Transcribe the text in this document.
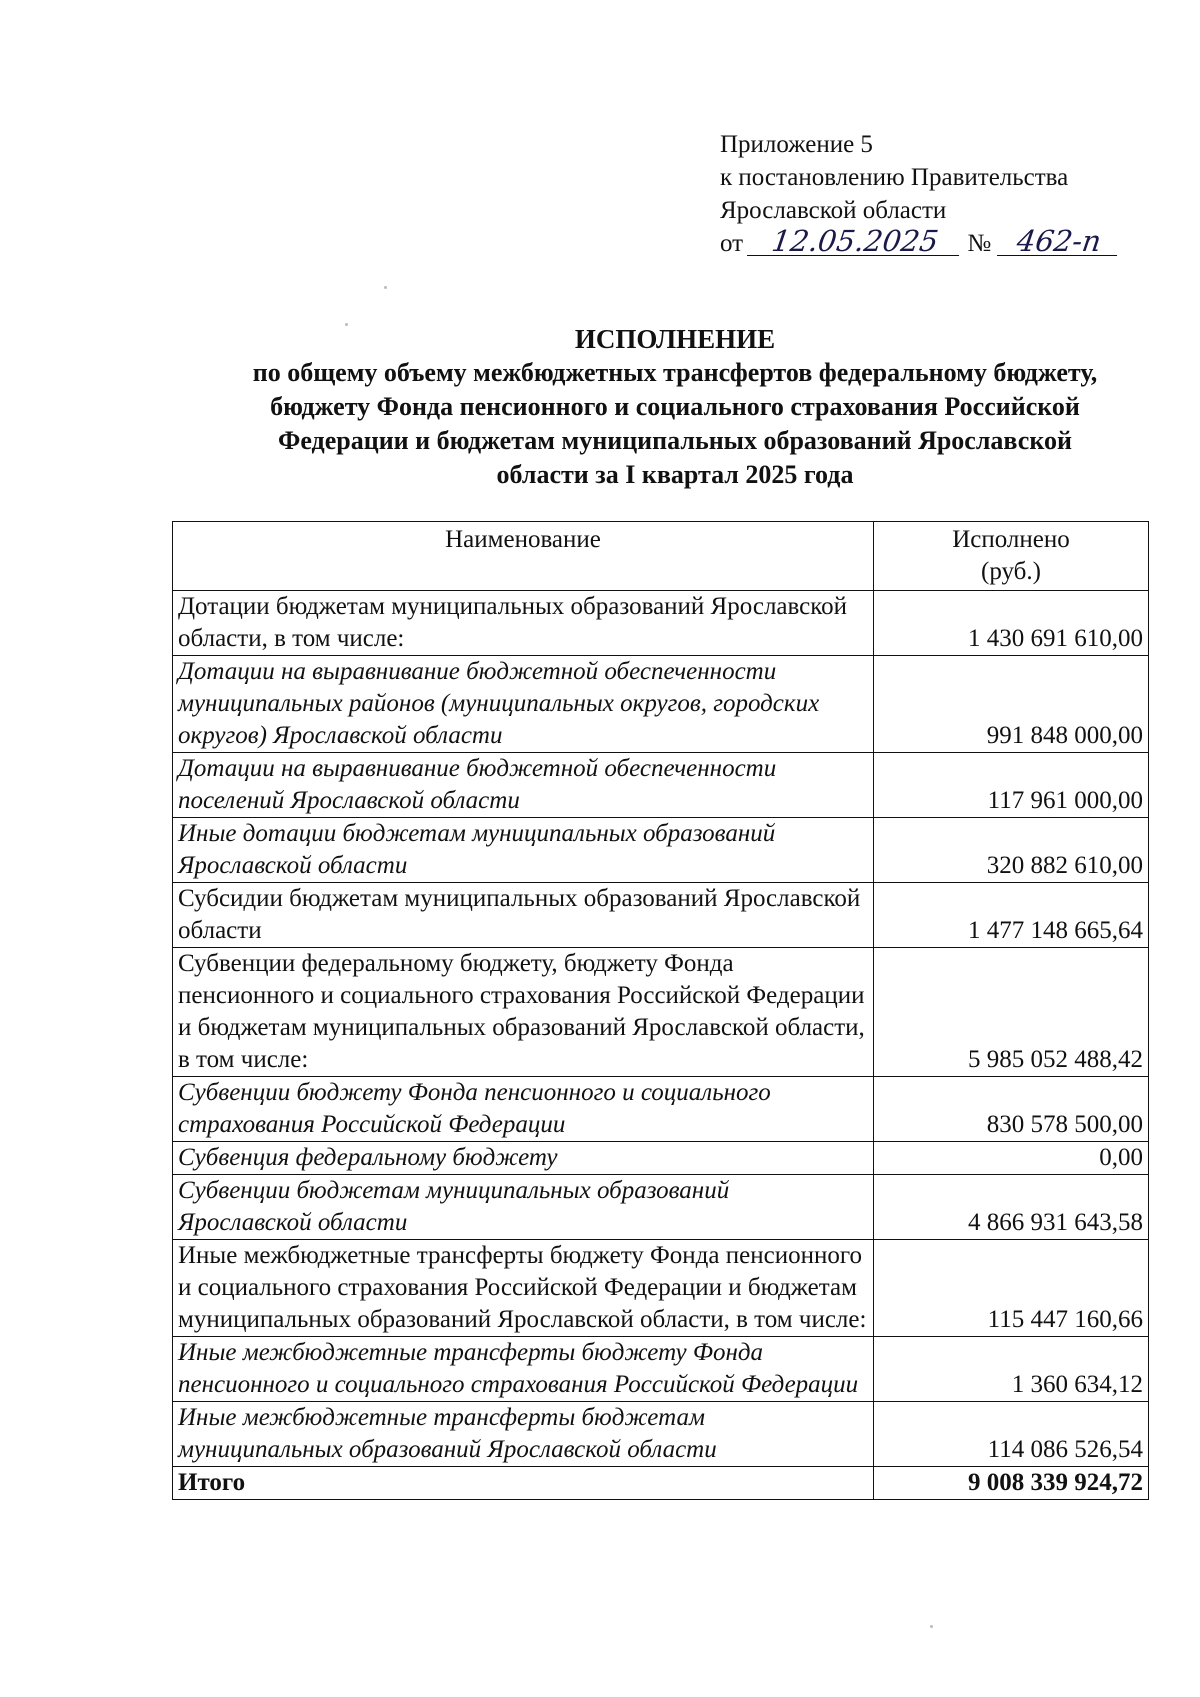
Приложение 5
к постановлению Правительства
Ярославской области
от 12.05.2025 № 462-п
ИСПОЛНЕНИЕ
по общему объему межбюджетных трансфертов федеральному бюджету,
бюджету Фонда пенсионного и социального страхования Российской
Федерации и бюджетам муниципальных образований Ярославской
области за I квартал 2025 года
Наименование	Исполнено
(руб.)

Дотации бюджетам муниципальных образований Ярославской области, в том числе:	1 430 691 610,00
Дотации на выравнивание бюджетной обеспеченности муниципальных районов (муниципальных округов, городских округов) Ярославской области	991 848 000,00
Дотации на выравнивание бюджетной обеспеченности поселений Ярославской области	117 961 000,00
Иные дотации бюджетам муниципальных образований Ярославской области	320 882 610,00
Субсидии бюджетам муниципальных образований Ярославской области	1 477 148 665,64
Субвенции федеральному бюджету, бюджету Фонда пенсионного и социального страхования Российской Федерации и бюджетам муниципальных образований Ярославской области, в том числе:	5 985 052 488,42
Субвенции бюджету Фонда пенсионного и социального страхования Российской Федерации	830 578 500,00
Субвенция федеральному бюджету	0,00
Субвенции бюджетам муниципальных образований Ярославской области	4 866 931 643,58
Иные межбюджетные трансферты бюджету Фонда пенсионного и социального страхования Российской Федерации и бюджетам муниципальных образований Ярославской области, в том числе:	115 447 160,66
Иные межбюджетные трансферты бюджету Фонда пенсионного и социального страхования Российской Федерации	1 360 634,12
Иные межбюджетные трансферты бюджетам муниципальных образований Ярославской области	114 086 526,54
Итого	9 008 339 924,72
